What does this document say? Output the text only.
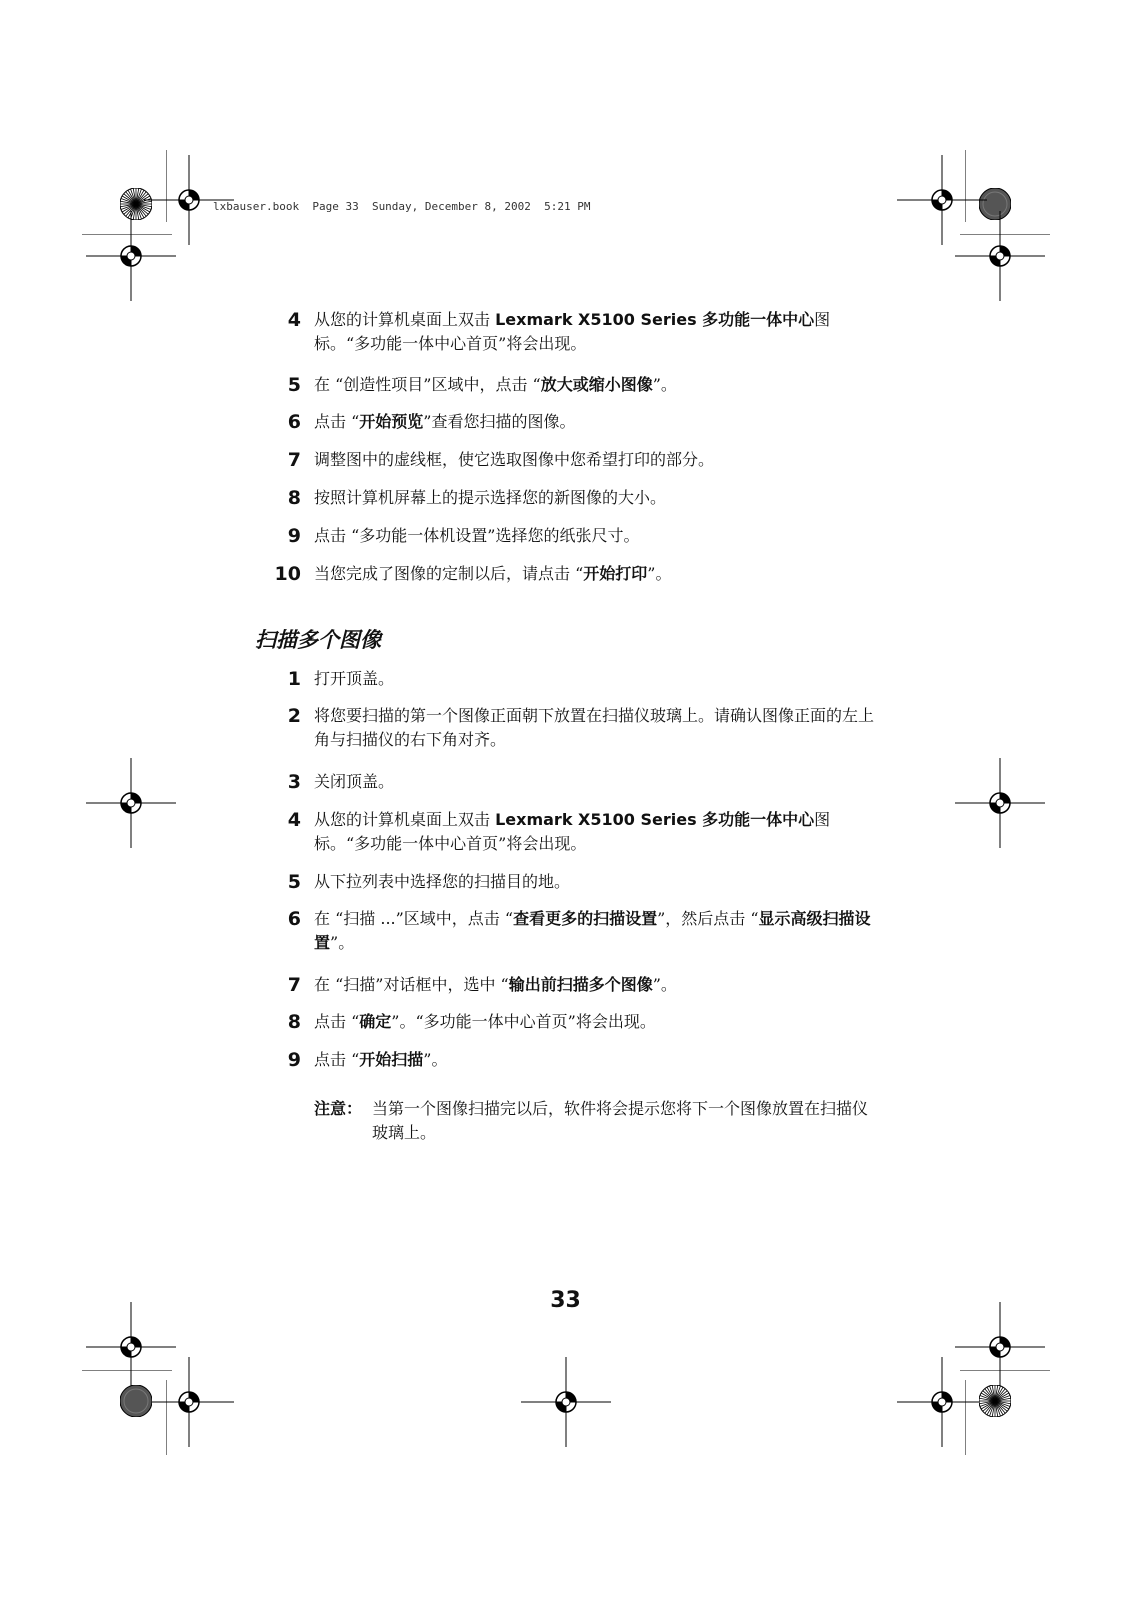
lxbauser.book  Page 33  Sunday, December 8, 2002  5:21 PM
4 从您的计算机桌面上双击 Lexmark X5100 Series 多功能一体中心图标。“多功能一体中心首页”将会出现。
5 在 “创造性项目”区域中，点击 “放大或缩小图像”。
6 点击 “开始预览”查看您扫描的图像。
7 调整图中的虚线框，使它选取图像中您希望打印的部分。
8 按照计算机屏幕上的提示选择您的新图像的大小。
9 点击 “多功能一体机设置”选择您的纸张尺寸。
10 当您完成了图像的定制以后，请点击 “开始打印”。
扫描多个图像
1 打开顶盖。
2 将您要扫描的第一个图像正面朝下放置在扫描仪玻璃上。请确认图像正面的左上角与扫描仪的右下角对齐。
3 关闭顶盖。
4 从您的计算机桌面上双击 Lexmark X5100 Series 多功能一体中心图标。“多功能一体中心首页”将会出现。
5 从下拉列表中选择您的扫描目的地。
6 在 “扫描 ...”区域中，点击 “查看更多的扫描设置”，然后点击 “显示高级扫描设置”。
7 在 “扫描”对话框中，选中 “输出前扫描多个图像”。
8 点击 “确定”。“多功能一体中心首页”将会出现。
9 点击 “开始扫描”。
注意： 当第一个图像扫描完以后，软件将会提示您将下一个图像放置在扫描仪玻璃上。
33
